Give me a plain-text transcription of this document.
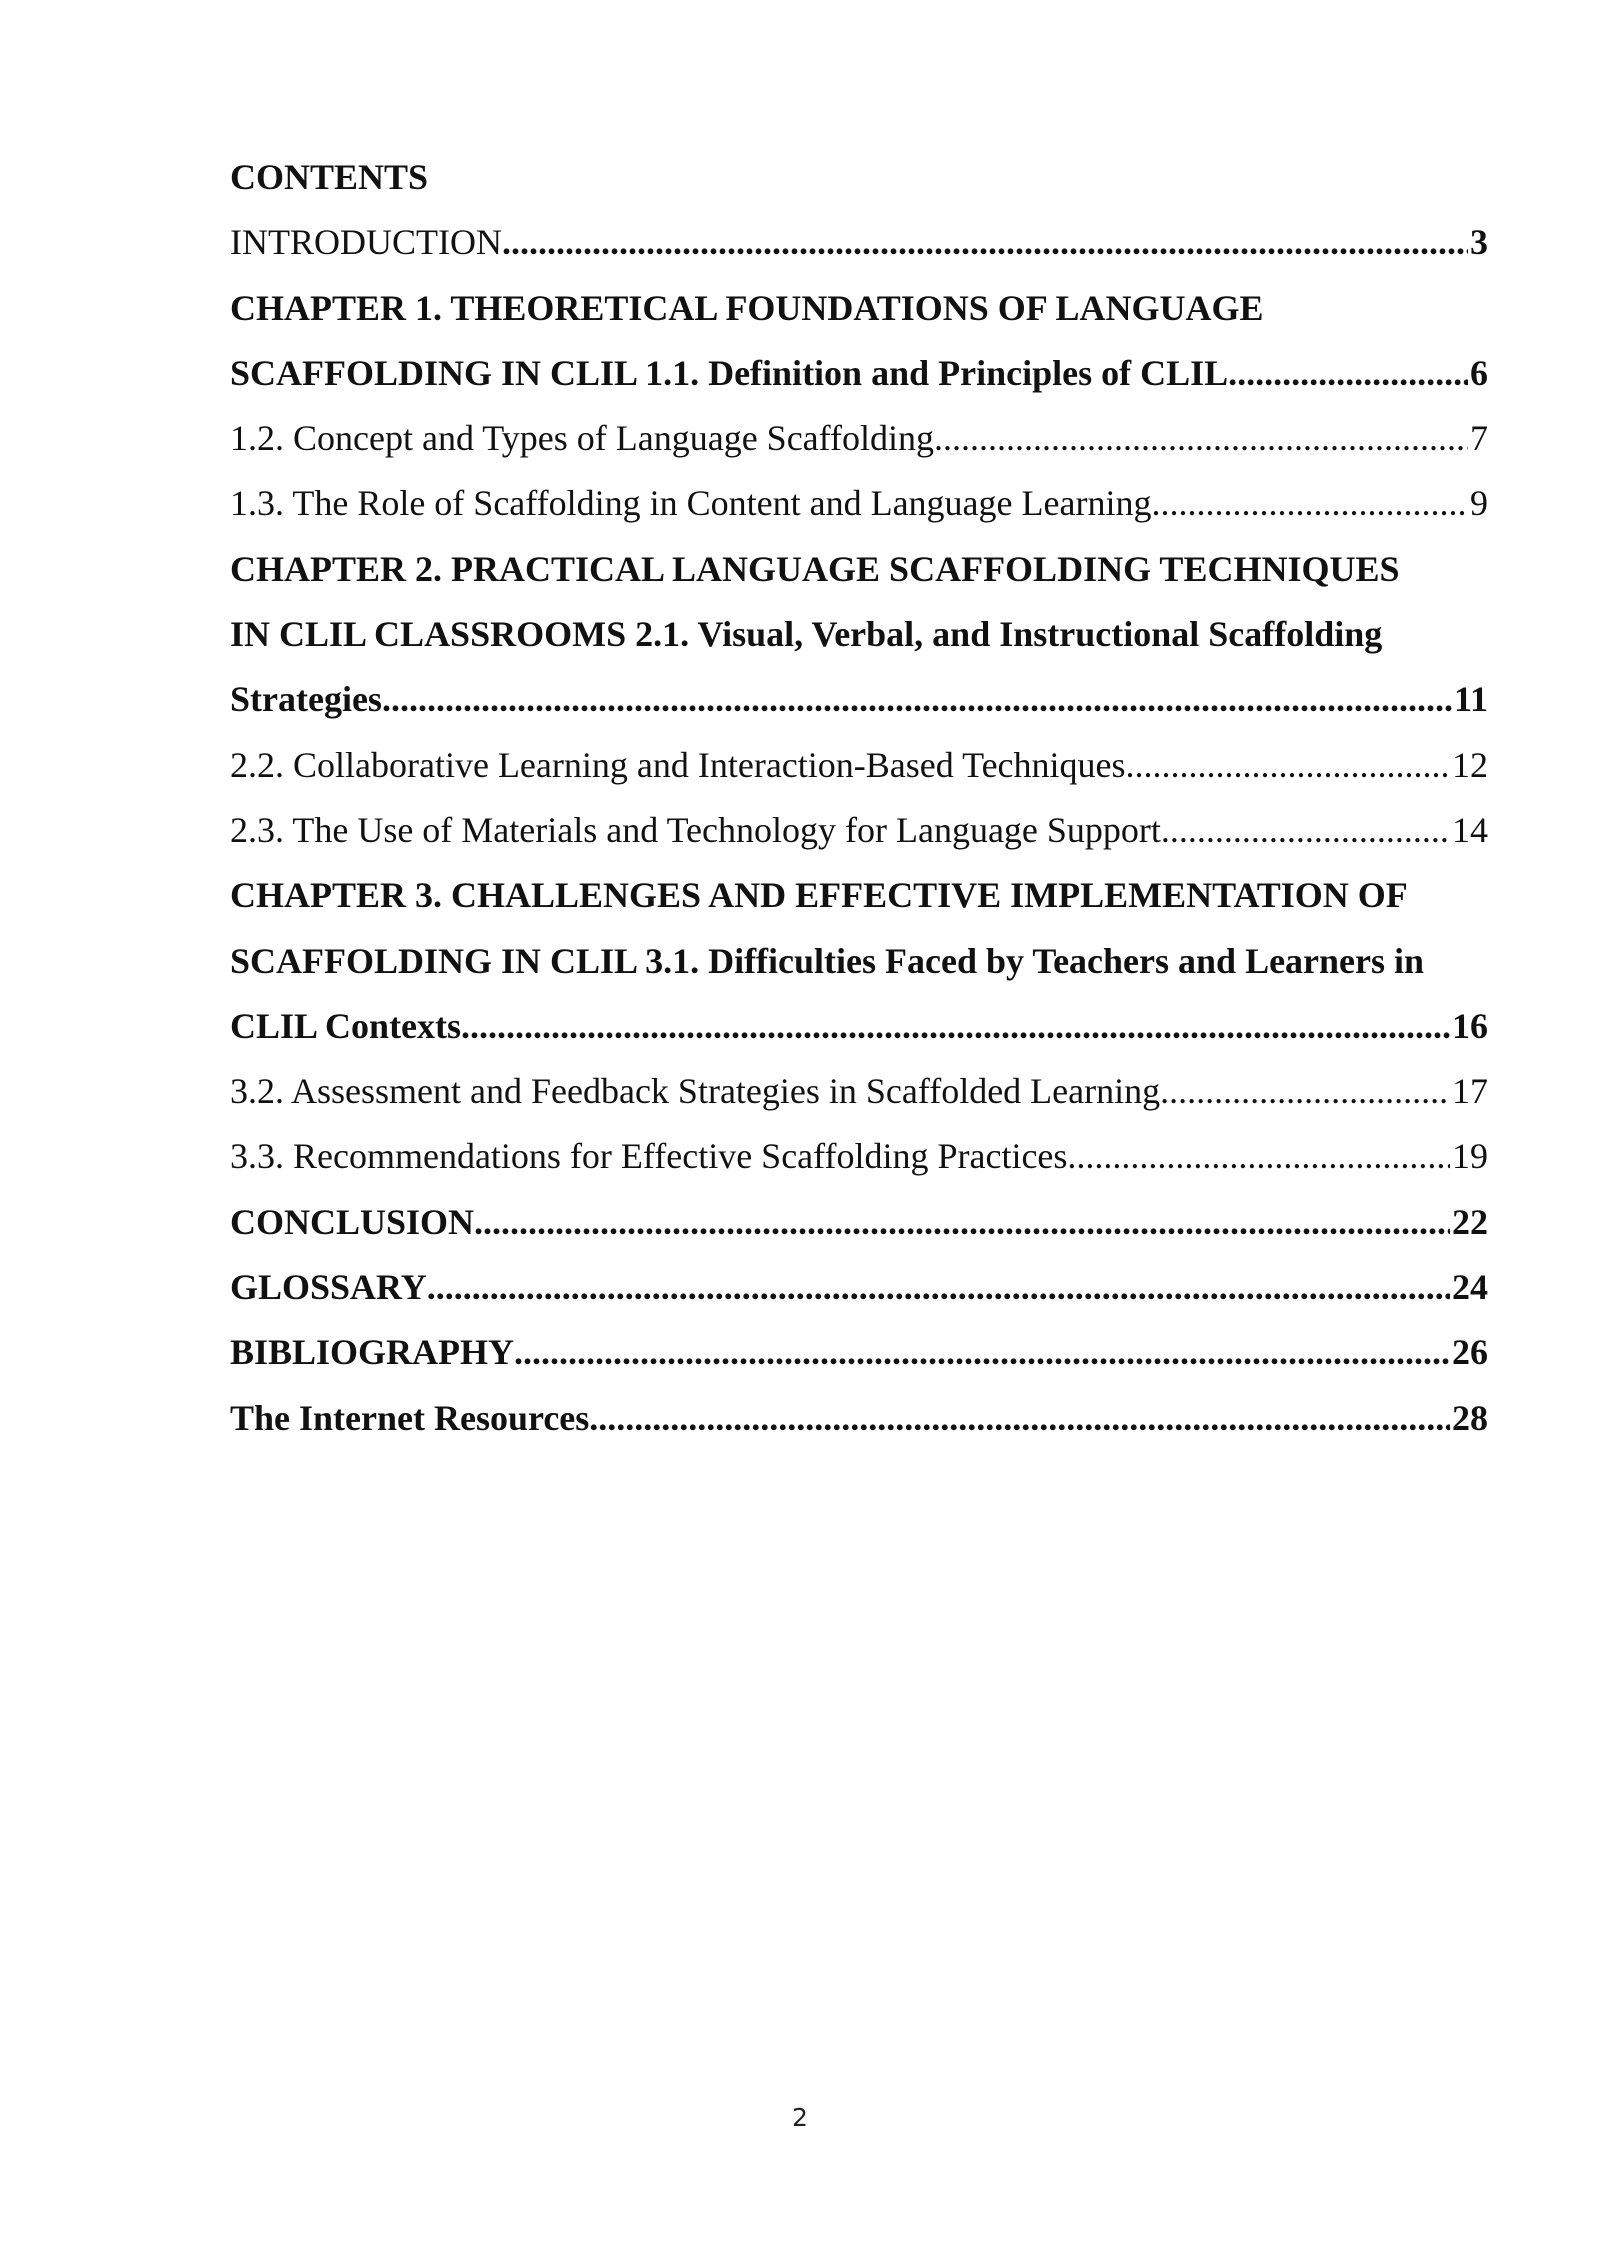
CONTENTS
INTRODUCTION .....	3
CHAPTER 1. THEORETICAL FOUNDATIONS OF LANGUAGE
SCAFFOLDING IN CLIL 1.1. Definition and Principles of CLIL .....	6
1.2. Concept and Types of Language Scaffolding .....	7
1.3. The Role of Scaffolding in Content and Language Learning .....	9
CHAPTER 2. PRACTICAL LANGUAGE SCAFFOLDING TECHNIQUES
IN CLIL CLASSROOMS 2.1. Visual, Verbal, and Instructional Scaffolding
Strategies .....	11
2.2. Collaborative Learning and Interaction-Based Techniques .....	12
2.3. The Use of Materials and Technology for Language Support .....	14
CHAPTER 3. CHALLENGES AND EFFECTIVE IMPLEMENTATION OF
SCAFFOLDING IN CLIL 3.1. Difficulties Faced by Teachers and Learners in
CLIL Contexts .....	16
3.2. Assessment and Feedback Strategies in Scaffolded Learning .....	17
3.3. Recommendations for Effective Scaffolding Practices .....	19
CONCLUSION .....	22
GLOSSARY .....	24
BIBLIOGRAPHY .....	26
The Internet Resources .....	28
2
